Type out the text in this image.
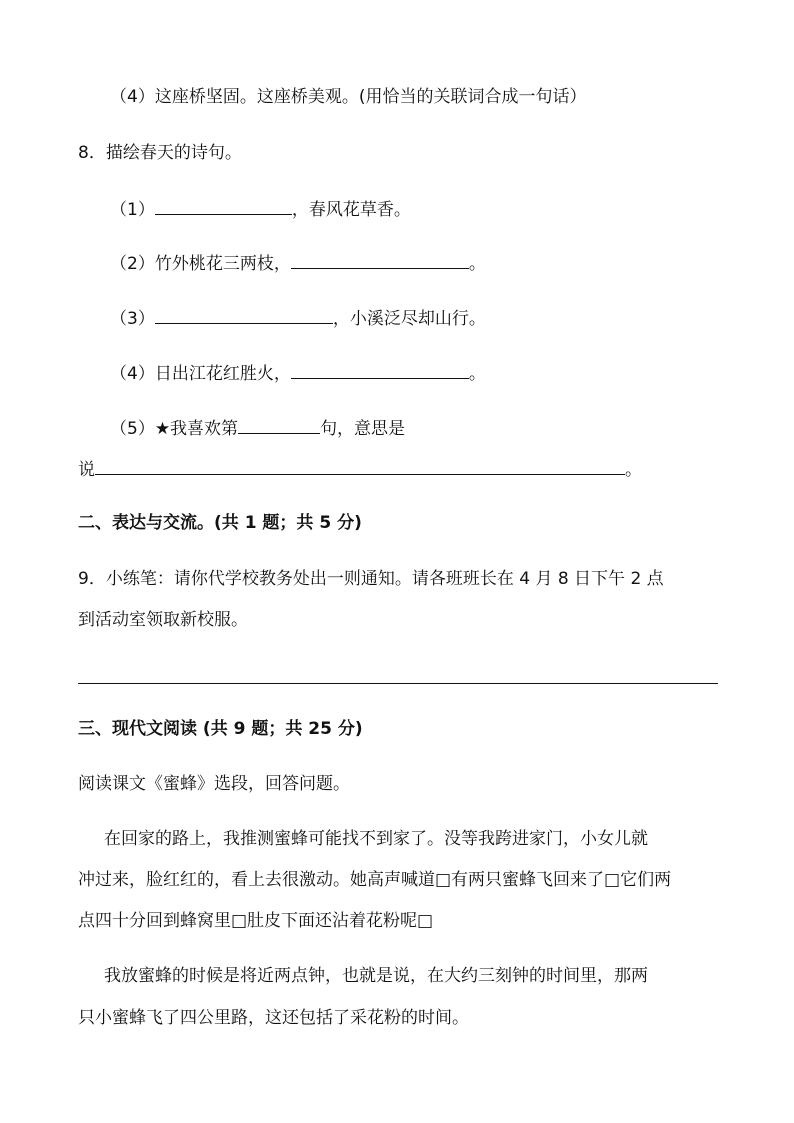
（4）这座桥坚固。这座桥美观。(用恰当的关联词合成一句话）
8．描绘春天的诗句。
（1）	，春风花草香。
（2）竹外桃花三两枝，	。
（3）	，小溪泛尽却山行。
（4）日出江花红胜火，	。
（5）★我喜欢第	句，意思是
说	。
二、表达与交流。(共 1 题；共 5 分)
9．小练笔：请你代学校教务处出一则通知。请各班班长在 4 月 8 日下午 2 点
到活动室领取新校服。
三、现代文阅读 (共 9 题；共 25 分)
阅读课文《蜜蜂》选段，回答问题。
在回家的路上，我推测蜜蜂可能找不到家了。没等我跨进家门，小女儿就
冲过来，脸红红的，看上去很激动。她高声喊道□有两只蜜蜂飞回来了□它们两
点四十分回到蜂窝里□肚皮下面还沾着花粉呢□
我放蜜蜂的时候是将近两点钟，也就是说，在大约三刻钟的时间里，那两
只小蜜蜂飞了四公里路，这还包括了采花粉的时间。
